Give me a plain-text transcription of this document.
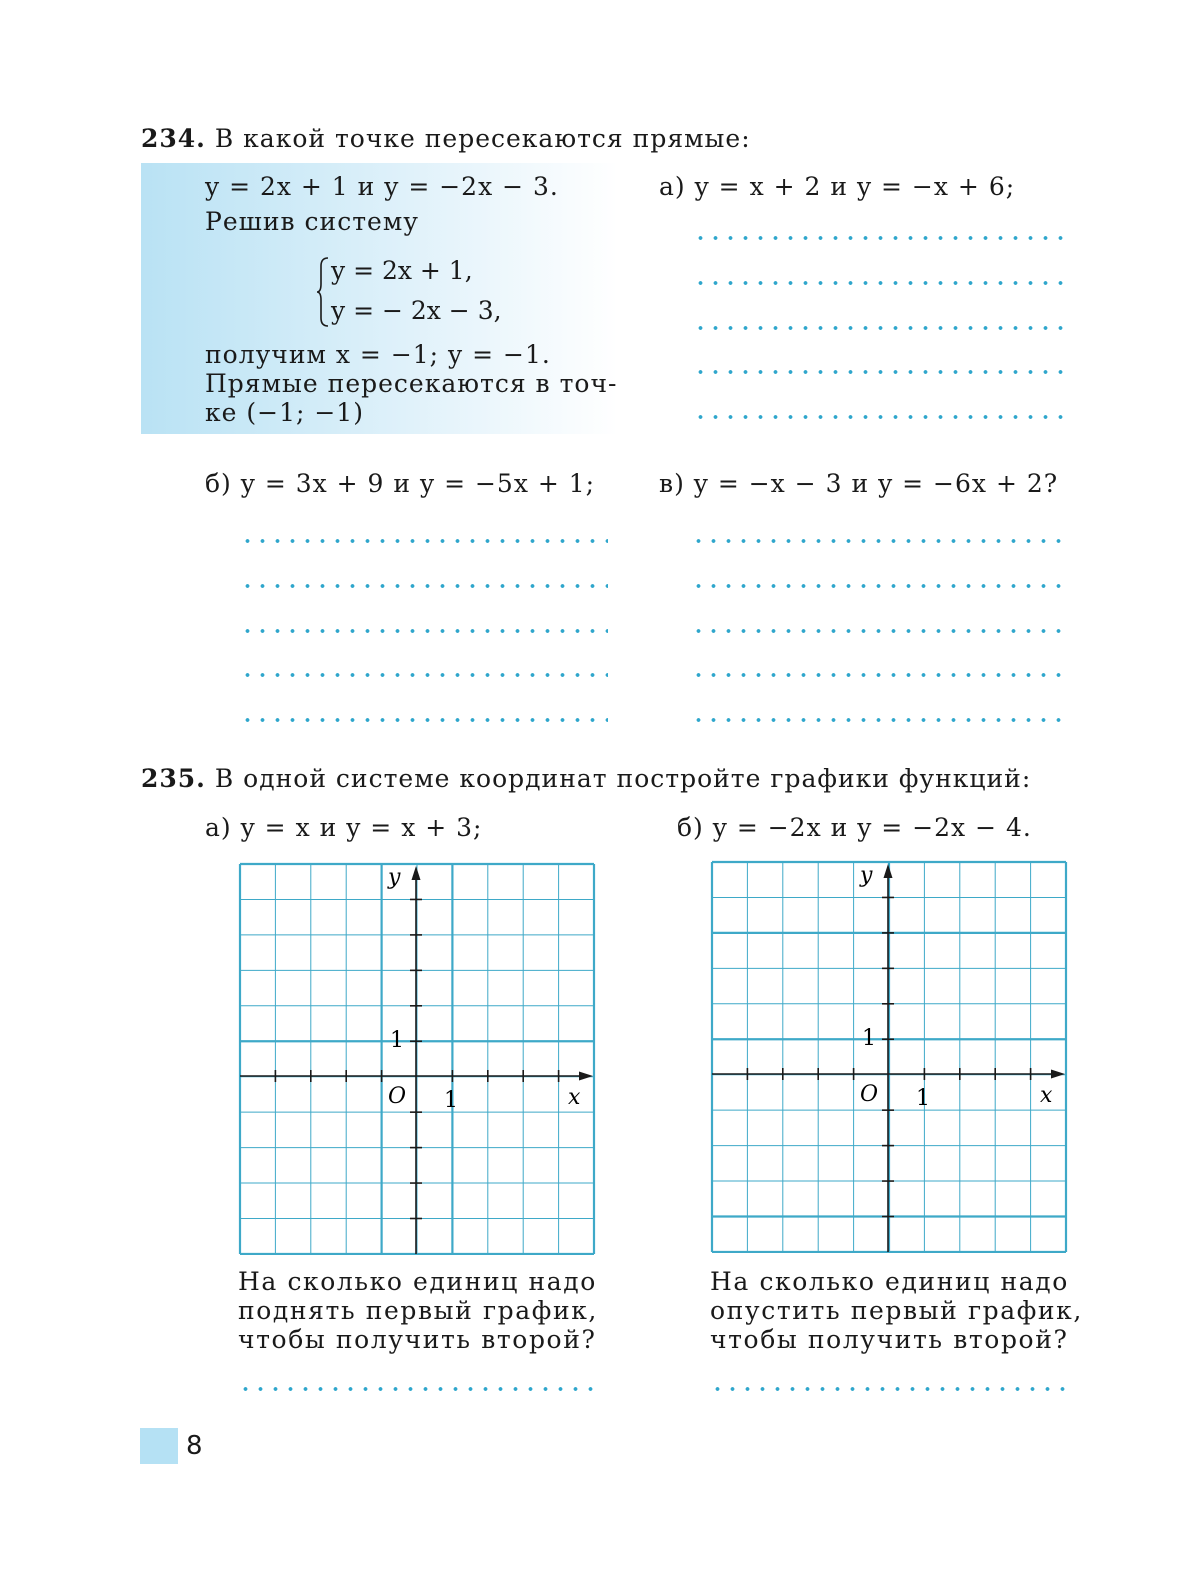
234. В какой точке пересекаются прямые:
y = 2x + 1 и y = −2x − 3.
Решив систему
y = 2x + 1,
y = − 2x − 3,
получим x = −1; y = −1.
Прямые пересекаются в точ-
ке (−1; −1)
а) y = x + 2 и y = −x + 6;
б) y = 3x + 9 и y = −5x + 1;	в) y = −x − 3 и y = −6x + 2?
235. В одной системе координат постройте графики функций:
а) y = x и y = x + 3;	б) y = −2x и y = −2x − 4.
y
x
O 1
1
y
x
O 1
1
На сколько единиц надо
поднять первый график,
чтобы получить второй?
На сколько единиц надо
опустить первый график,
чтобы получить второй?
8
